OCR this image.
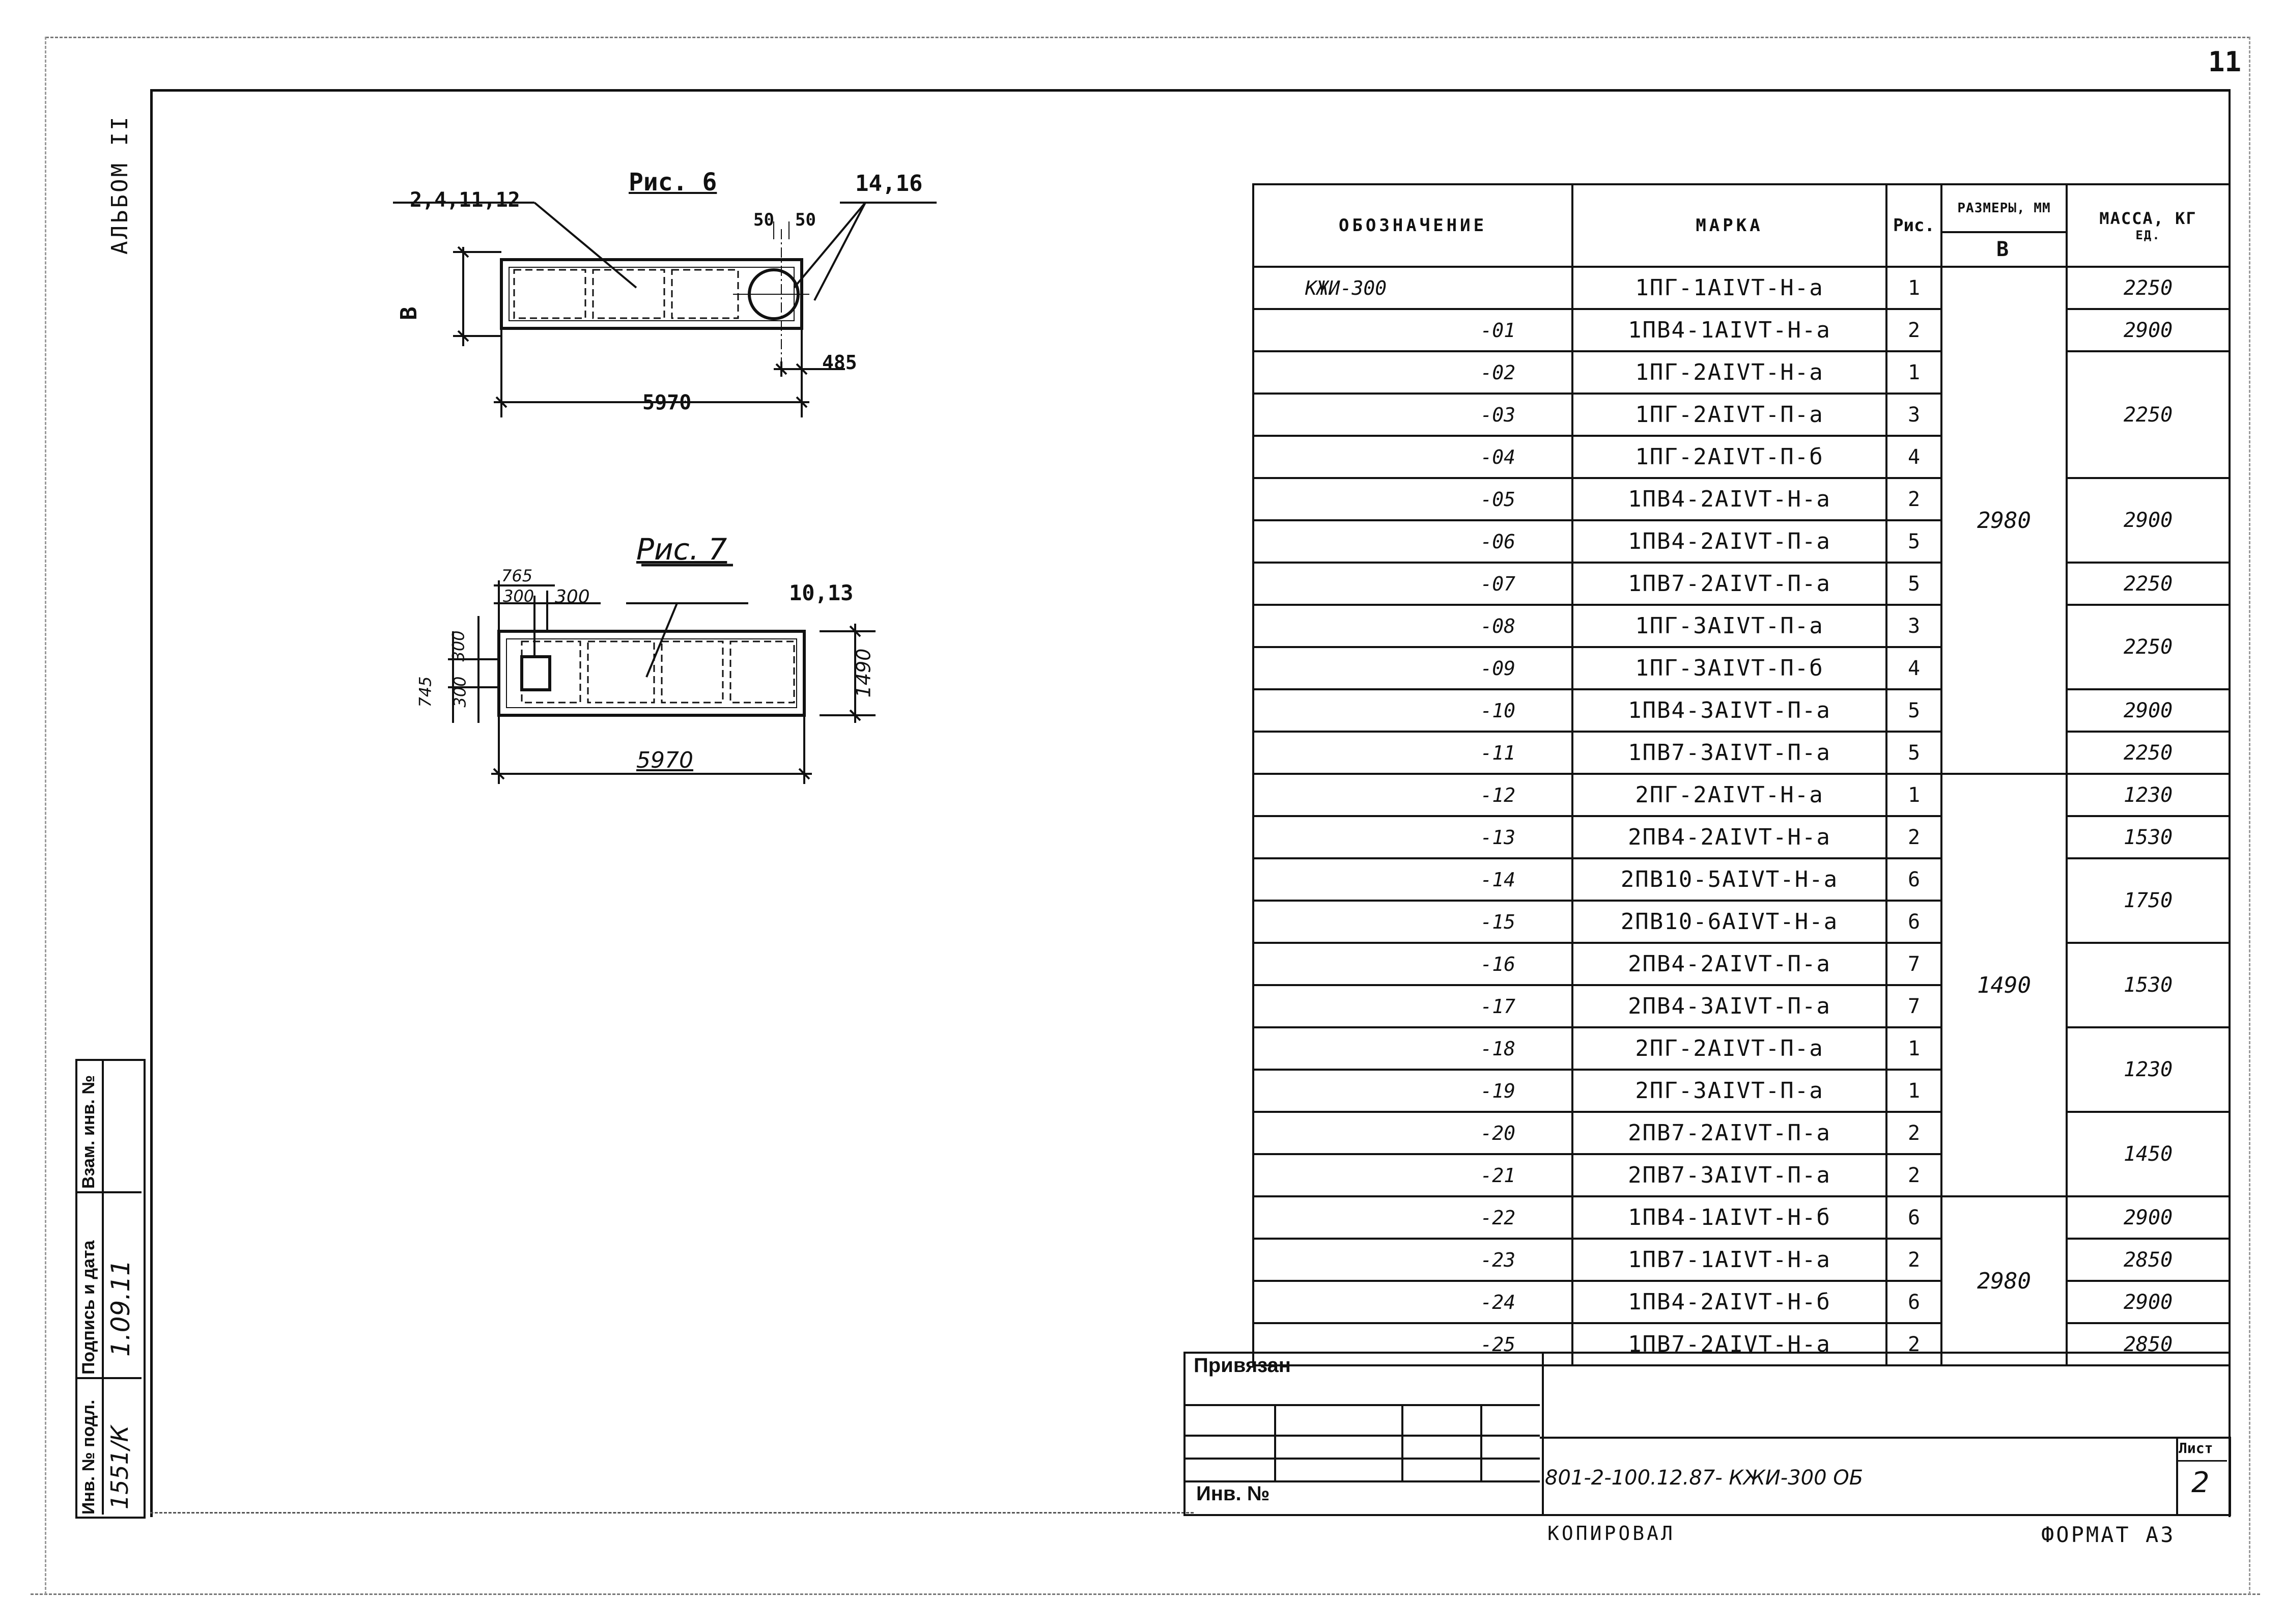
11
АЛЬБОМ II	Рис. 6
2,4,11,12
14,16
50 50
В
485
5970
Рис. 7
10,13
765
300 300
300
300
745	1490
5970
ОБОЗНАЧЕНИЕ	МАРКА	Рис.	РАЗМЕРЫ, ММ	МАССА, КГ
ЕД.

			В	
КЖИ-300	1ПГ-1АIVТ-Н-а	1	2980	2250
-01	1ПВ4-1АIVТ-Н-а	2		2900
-02	1ПГ-2АIVТ-Н-а	1		2250
-03	1ПГ-2АIVТ-П-а	3		
-04	1ПГ-2АIVТ-П-б	4		
-05	1ПВ4-2АIVТ-Н-а	2		2900
-06	1ПВ4-2АIVТ-П-а	5		
-07	1ПВ7-2АIVТ-П-а	5		2250
-08	1ПГ-3АIVТ-П-а	3		2250
-09	1ПГ-3АIVТ-П-б	4		
-10	1ПВ4-3АIVТ-П-а	5		2900
-11	1ПВ7-3АIVТ-П-а	5		2250
-12	2ПГ-2АIVТ-Н-а	1	1490	1230
-13	2ПВ4-2АIVТ-Н-а	2		1530
-14	2ПВ10-5АIVТ-Н-а	6		1750
-15	2ПВ10-6АIVТ-Н-а	6		
-16	2ПВ4-2АIVТ-П-а	7		1530
-17	2ПВ4-3АIVТ-П-а	7		
-18	2ПГ-2АIVТ-П-а	1		1230
-19	2ПГ-3АIVТ-П-а	1		
-20	2ПВ7-2АIVТ-П-а	2		1450
-21	2ПВ7-3АIVТ-П-а	2		
-22	1ПВ4-1АIVТ-Н-б	6	2980	2900
-23	1ПВ7-1АIVТ-Н-а	2		2850
-24	1ПВ4-2АIVТ-Н-б	6		2900
-25	1ПВ7-2АIVТ-Н-а	2		2850
Привязан
Инв. №
801-2-100.12.87- КЖИ-300 ОБ
Лист
2
КОПИРОВАЛ	ФОРМАТ А3
Инв. № подл.
Подпись и дата
Взам. инв. №
1551/К
1.09.11
